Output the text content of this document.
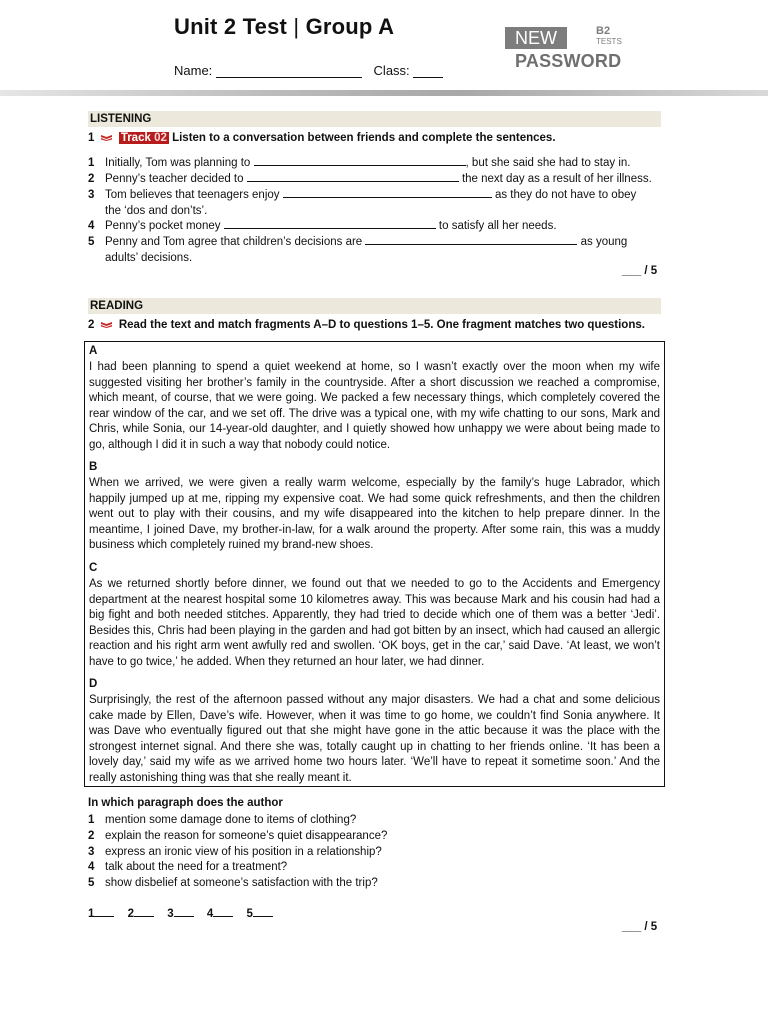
Unit 2 Test | Group A
Name:	Class:
NEW	B2
TESTS
PASSWORD
LISTENING
1 Track 02 Listen to a conversation between friends and complete the sentences.
1 Initially, Tom was planning to	, but she said she had to stay in.
2 Penny’s teacher decided to	the next day as a result of her illness.
3 Tom believes that teenagers enjoy	as they do not have to obey
the ‘dos and don’ts’.
4 Penny’s pocket money	to satisfy all her needs.
5 Penny and Tom agree that children’s decisions are	as young
adults’ decisions.
___ / 5
READING
2 Read the text and match fragments A–D to questions 1–5. One fragment matches two questions.
A
I had been planning to spend a quiet weekend at home, so I wasn’t exactly over the moon when my wife suggested visiting her brother’s family in the countryside. After a short discussion we reached a compromise, which meant, of course, that we were going. We packed a few necessary things, which completely covered the rear window of the car, and we set off. The drive was a typical one, with my wife chatting to our sons, Mark and Chris, while Sonia, our 14-year-old daughter, and I quietly showed how unhappy we were about being made to go, although I did it in such a way that nobody could notice.
B
When we arrived, we were given a really warm welcome, especially by the family’s huge Labrador, which happily jumped up at me, ripping my expensive coat. We had some quick refreshments, and then the children went out to play with their cousins, and my wife disappeared into the kitchen to help prepare dinner. In the meantime, I joined Dave, my brother-in-law, for a walk around the property. After some rain, this was a muddy business which completely ruined my brand-new shoes.
C
As we returned shortly before dinner, we found out that we needed to go to the Accidents and Emergency department at the nearest hospital some 10 kilometres away. This was because Mark and his cousin had had a big fight and both needed stitches. Apparently, they had tried to decide which one of them was a better ‘Jedi’. Besides this, Chris had been playing in the garden and had got bitten by an insect, which had caused an allergic reaction and his right arm went awfully red and swollen. ‘OK boys, get in the car,’ said Dave. ‘At least, we won’t have to go twice,’ he added. When they returned an hour later, we had dinner.
D
Surprisingly, the rest of the afternoon passed without any major disasters. We had a chat and some delicious cake made by Ellen, Dave’s wife. However, when it was time to go home, we couldn’t find Sonia anywhere. It was Dave who eventually figured out that she might have gone in the attic because it was the place with the strongest internet signal. And there she was, totally caught up in chatting to her friends online. ‘It has been a lovely day,’ said my wife as we arrived home two hours later. ‘We’ll have to repeat it sometime soon.’ And the really astonishing thing was that she really meant it.
In which paragraph does the author
1 mention some damage done to items of clothing?
2 explain the reason for someone’s quiet disappearance?
3 express an ironic view of his position in a relationship?
4 talk about the need for a treatment?
5 show disbelief at someone’s satisfaction with the trip?
1	2	3	4	5
___ / 5
